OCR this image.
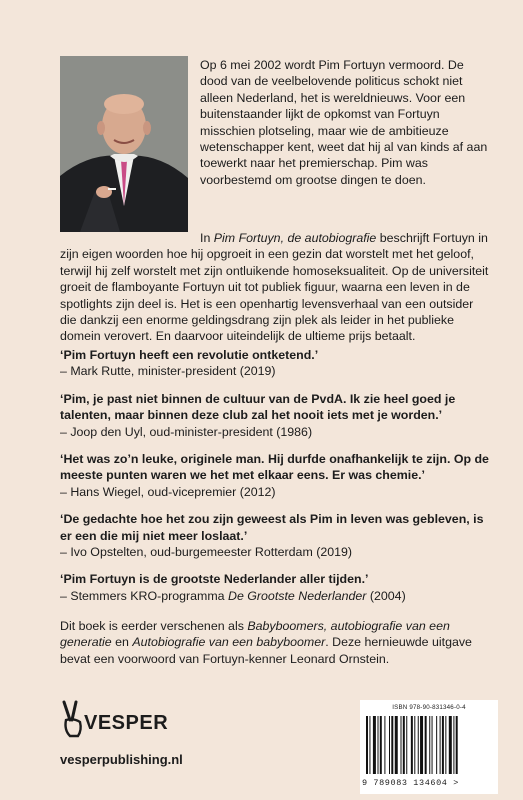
Op 6 mei 2002 wordt Pim Fortuyn vermoord. De dood van de veelbelovende politicus schokt niet alleen Nederland, het is wereldnieuws. Voor een buitenstaander lijkt de opkomst van Fortuyn misschien plotseling, maar wie de ambitieuze wetenschapper kent, weet dat hij al van kinds af aan toewerkt naar het premierschap. Pim was voorbestemd om grootse dingen te doen.

In Pim Fortuyn, de autobiografie beschrijft Fortuyn in zijn eigen woorden hoe hij opgroeit in een gezin dat worstelt met het geloof, terwijl hij zelf worstelt met zijn ontluikende homoseksualiteit. Op de universiteit groeit de flamboyante Fortuyn uit tot publiek figuur, waarna een leven in de spotlights zijn deel is. Het is een openhartig levensverhaal van een outsider die dankzij een enorme geldingsdrang zijn plek als leider in het publieke domein verovert. En daarvoor uiteindelijk de ultieme prijs betaalt.

‘Pim Fortuyn heeft een revolutie ontketend.’
– Mark Rutte, minister-president (2019)

‘Pim, je past niet binnen de cultuur van de PvdA. Ik zie heel goed je talenten, maar binnen deze club zal het nooit iets met je worden.’
– Joop den Uyl, oud-minister-president (1986)

‘Het was zo’n leuke, originele man. Hij durfde onafhankelijk te zijn. Op de meeste punten waren we het met elkaar eens. Er was chemie.’
– Hans Wiegel, oud-vicepremier (2012)

‘De gedachte hoe het zou zijn geweest als Pim in leven was gebleven, is er een die mij niet meer loslaat.’
– Ivo Opstelten, oud-burgemeester Rotterdam (2019)

‘Pim Fortuyn is de grootste Nederlander aller tijden.’
– Stemmers KRO-programma De Grootste Nederlander (2004)

Dit boek is eerder verschenen als Babyboomers, autobiografie van een generatie en Autobiografie van een babyboomer. Deze hernieuwde uitgave bevat een voorwoord van Fortuyn-kenner Leonard Ornstein.

VESPER
vesperpublishing.nl
ISBN 978-90-831346-0-4
9 789083 134604 >
